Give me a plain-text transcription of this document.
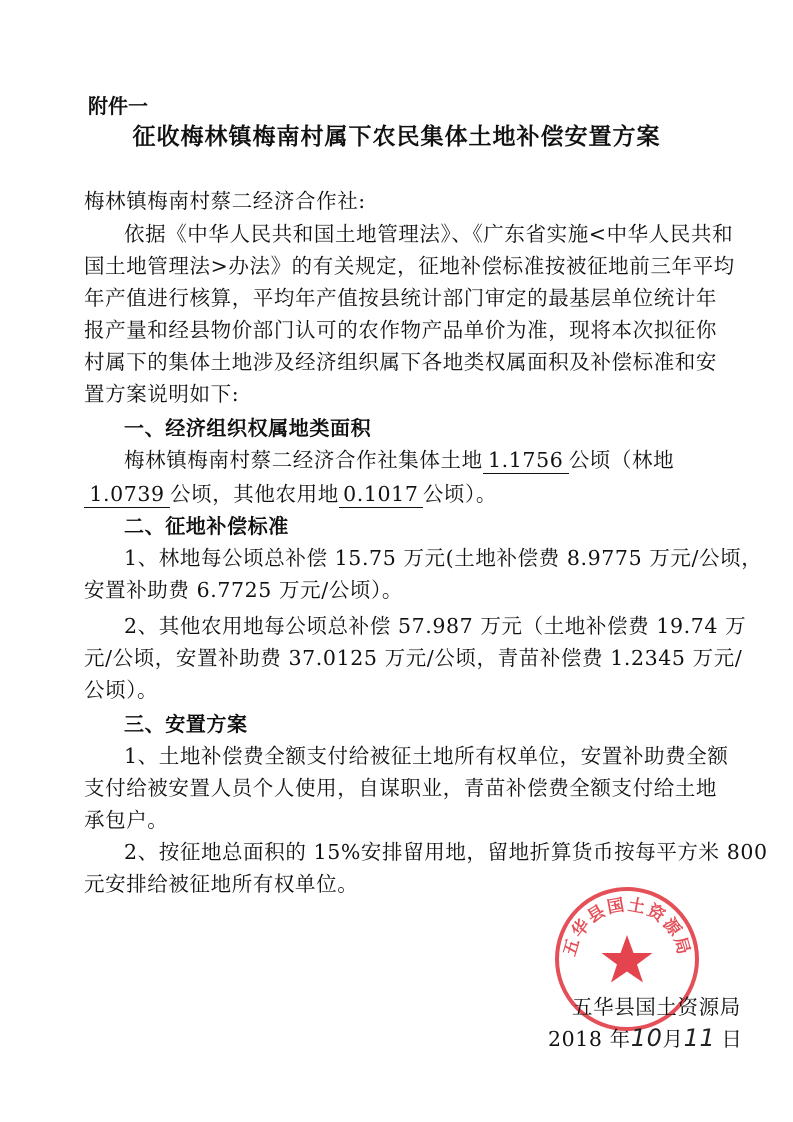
附件一
征收梅林镇梅南村属下农民集体土地补偿安置方案
梅林镇梅南村蔡二经济合作社:
依据《中华人民共和国土地管理法》、《广东省实施<中华人民共和
国土地管理法>办法》的有关规定，征地补偿标准按被征地前三年平均
年产值进行核算，平均年产值按县统计部门审定的最基层单位统计年
报产量和经县物价部门认可的农作物产品单价为准，现将本次拟征你
村属下的集体土地涉及经济组织属下各地类权属面积及补偿标准和安
置方案说明如下:
一、经济组织权属地类面积
梅林镇梅南村蔡二经济合作社集体土地 1.1756 公顷（林地
1.0739 公顷，其他农用地 0.1017 公顷）。
二、征地补偿标准
1、林地每公顷总补偿 15.75 万元(土地补偿费 8.9775 万元/公顷，
安置补助费 6.7725 万元/公顷）。
2、其他农用地每公顷总补偿 57.987 万元（土地补偿费 19.74 万
元/公顷，安置补助费 37.0125 万元/公顷，青苗补偿费 1.2345 万元/
公顷）。
三、安置方案
1、土地补偿费全额支付给被征土地所有权单位，安置补助费全额
支付给被安置人员个人使用，自谋职业，青苗补偿费全额支付给土地
承包户。
2、按征地总面积的 15%安排留用地，留地折算货币按每平方米 800
元安排给被征地所有权单位。
五华县国土资源局
五华县国土资源局
2018 年10月11 日
